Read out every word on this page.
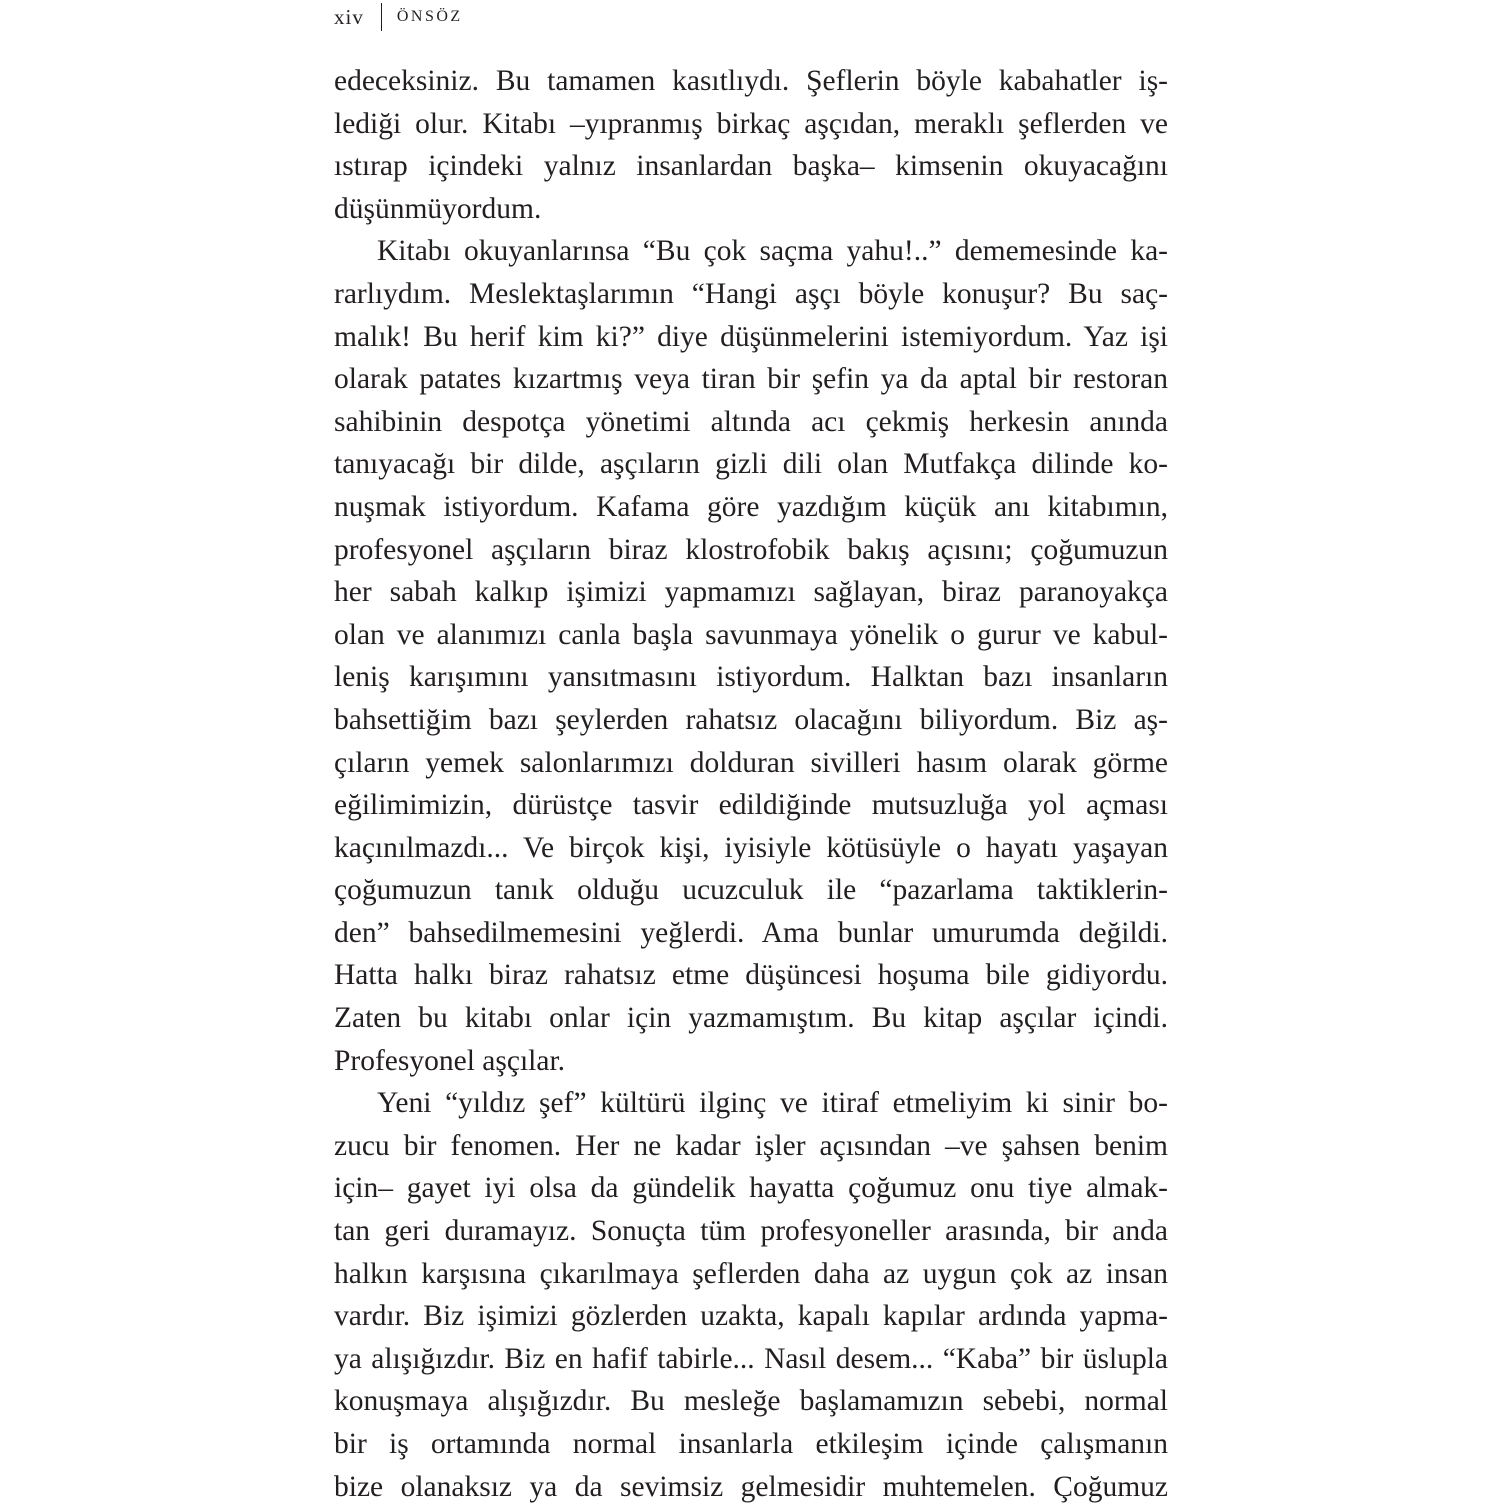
xiv ÖNSÖZ
edeceksiniz. Bu tamamen kasıtlıydı. Şeflerin böyle kabahatler iş-
lediği olur. Kitabı –yıpranmış birkaç aşçıdan, meraklı şeflerden ve
ıstırap içindeki yalnız insanlardan başka– kimsenin okuyacağını
düşünmüyordum.
Kitabı okuyanlarınsa “Bu çok saçma yahu!..” dememesinde ka-
rarlıydım. Meslektaşlarımın “Hangi aşçı böyle konuşur? Bu saç-
malık! Bu herif kim ki?” diye düşünmelerini istemiyordum. Yaz işi
olarak patates kızartmış veya tiran bir şefin ya da aptal bir restoran
sahibinin despotça yönetimi altında acı çekmiş herkesin anında
tanıyacağı bir dilde, aşçıların gizli dili olan Mutfakça dilinde ko-
nuşmak istiyordum. Kafama göre yazdığım küçük anı kitabımın,
profesyonel aşçıların biraz klostrofobik bakış açısını; çoğumuzun
her sabah kalkıp işimizi yapmamızı sağlayan, biraz paranoyakça
olan ve alanımızı canla başla savunmaya yönelik o gurur ve kabul-
leniş karışımını yansıtmasını istiyordum. Halktan bazı insanların
bahsettiğim bazı şeylerden rahatsız olacağını biliyordum. Biz aş-
çıların yemek salonlarımızı dolduran sivilleri hasım olarak görme
eğilimimizin, dürüstçe tasvir edildiğinde mutsuzluğa yol açması
kaçınılmazdı... Ve birçok kişi, iyisiyle kötüsüyle o hayatı yaşayan
çoğumuzun tanık olduğu ucuzculuk ile “pazarlama taktiklerin-
den” bahsedilmemesini yeğlerdi. Ama bunlar umurumda değildi.
Hatta halkı biraz rahatsız etme düşüncesi hoşuma bile gidiyordu.
Zaten bu kitabı onlar için yazmamıştım. Bu kitap aşçılar içindi.
Profesyonel aşçılar.
Yeni “yıldız şef” kültürü ilginç ve itiraf etmeliyim ki sinir bo-
zucu bir fenomen. Her ne kadar işler açısından –ve şahsen benim
için– gayet iyi olsa da gündelik hayatta çoğumuz onu tiye almak-
tan geri duramayız. Sonuçta tüm profesyoneller arasında, bir anda
halkın karşısına çıkarılmaya şeflerden daha az uygun çok az insan
vardır. Biz işimizi gözlerden uzakta, kapalı kapılar ardında yapma-
ya alışığızdır. Biz en hafif tabirle... Nasıl desem... “Kaba” bir üslupla
konuşmaya alışığızdır. Bu mesleğe başlamamızın sebebi, normal
bir iş ortamında normal insanlarla etkileşim içinde çalışmanın
bize olanaksız ya da sevimsiz gelmesidir muhtemelen. Çoğumuz
